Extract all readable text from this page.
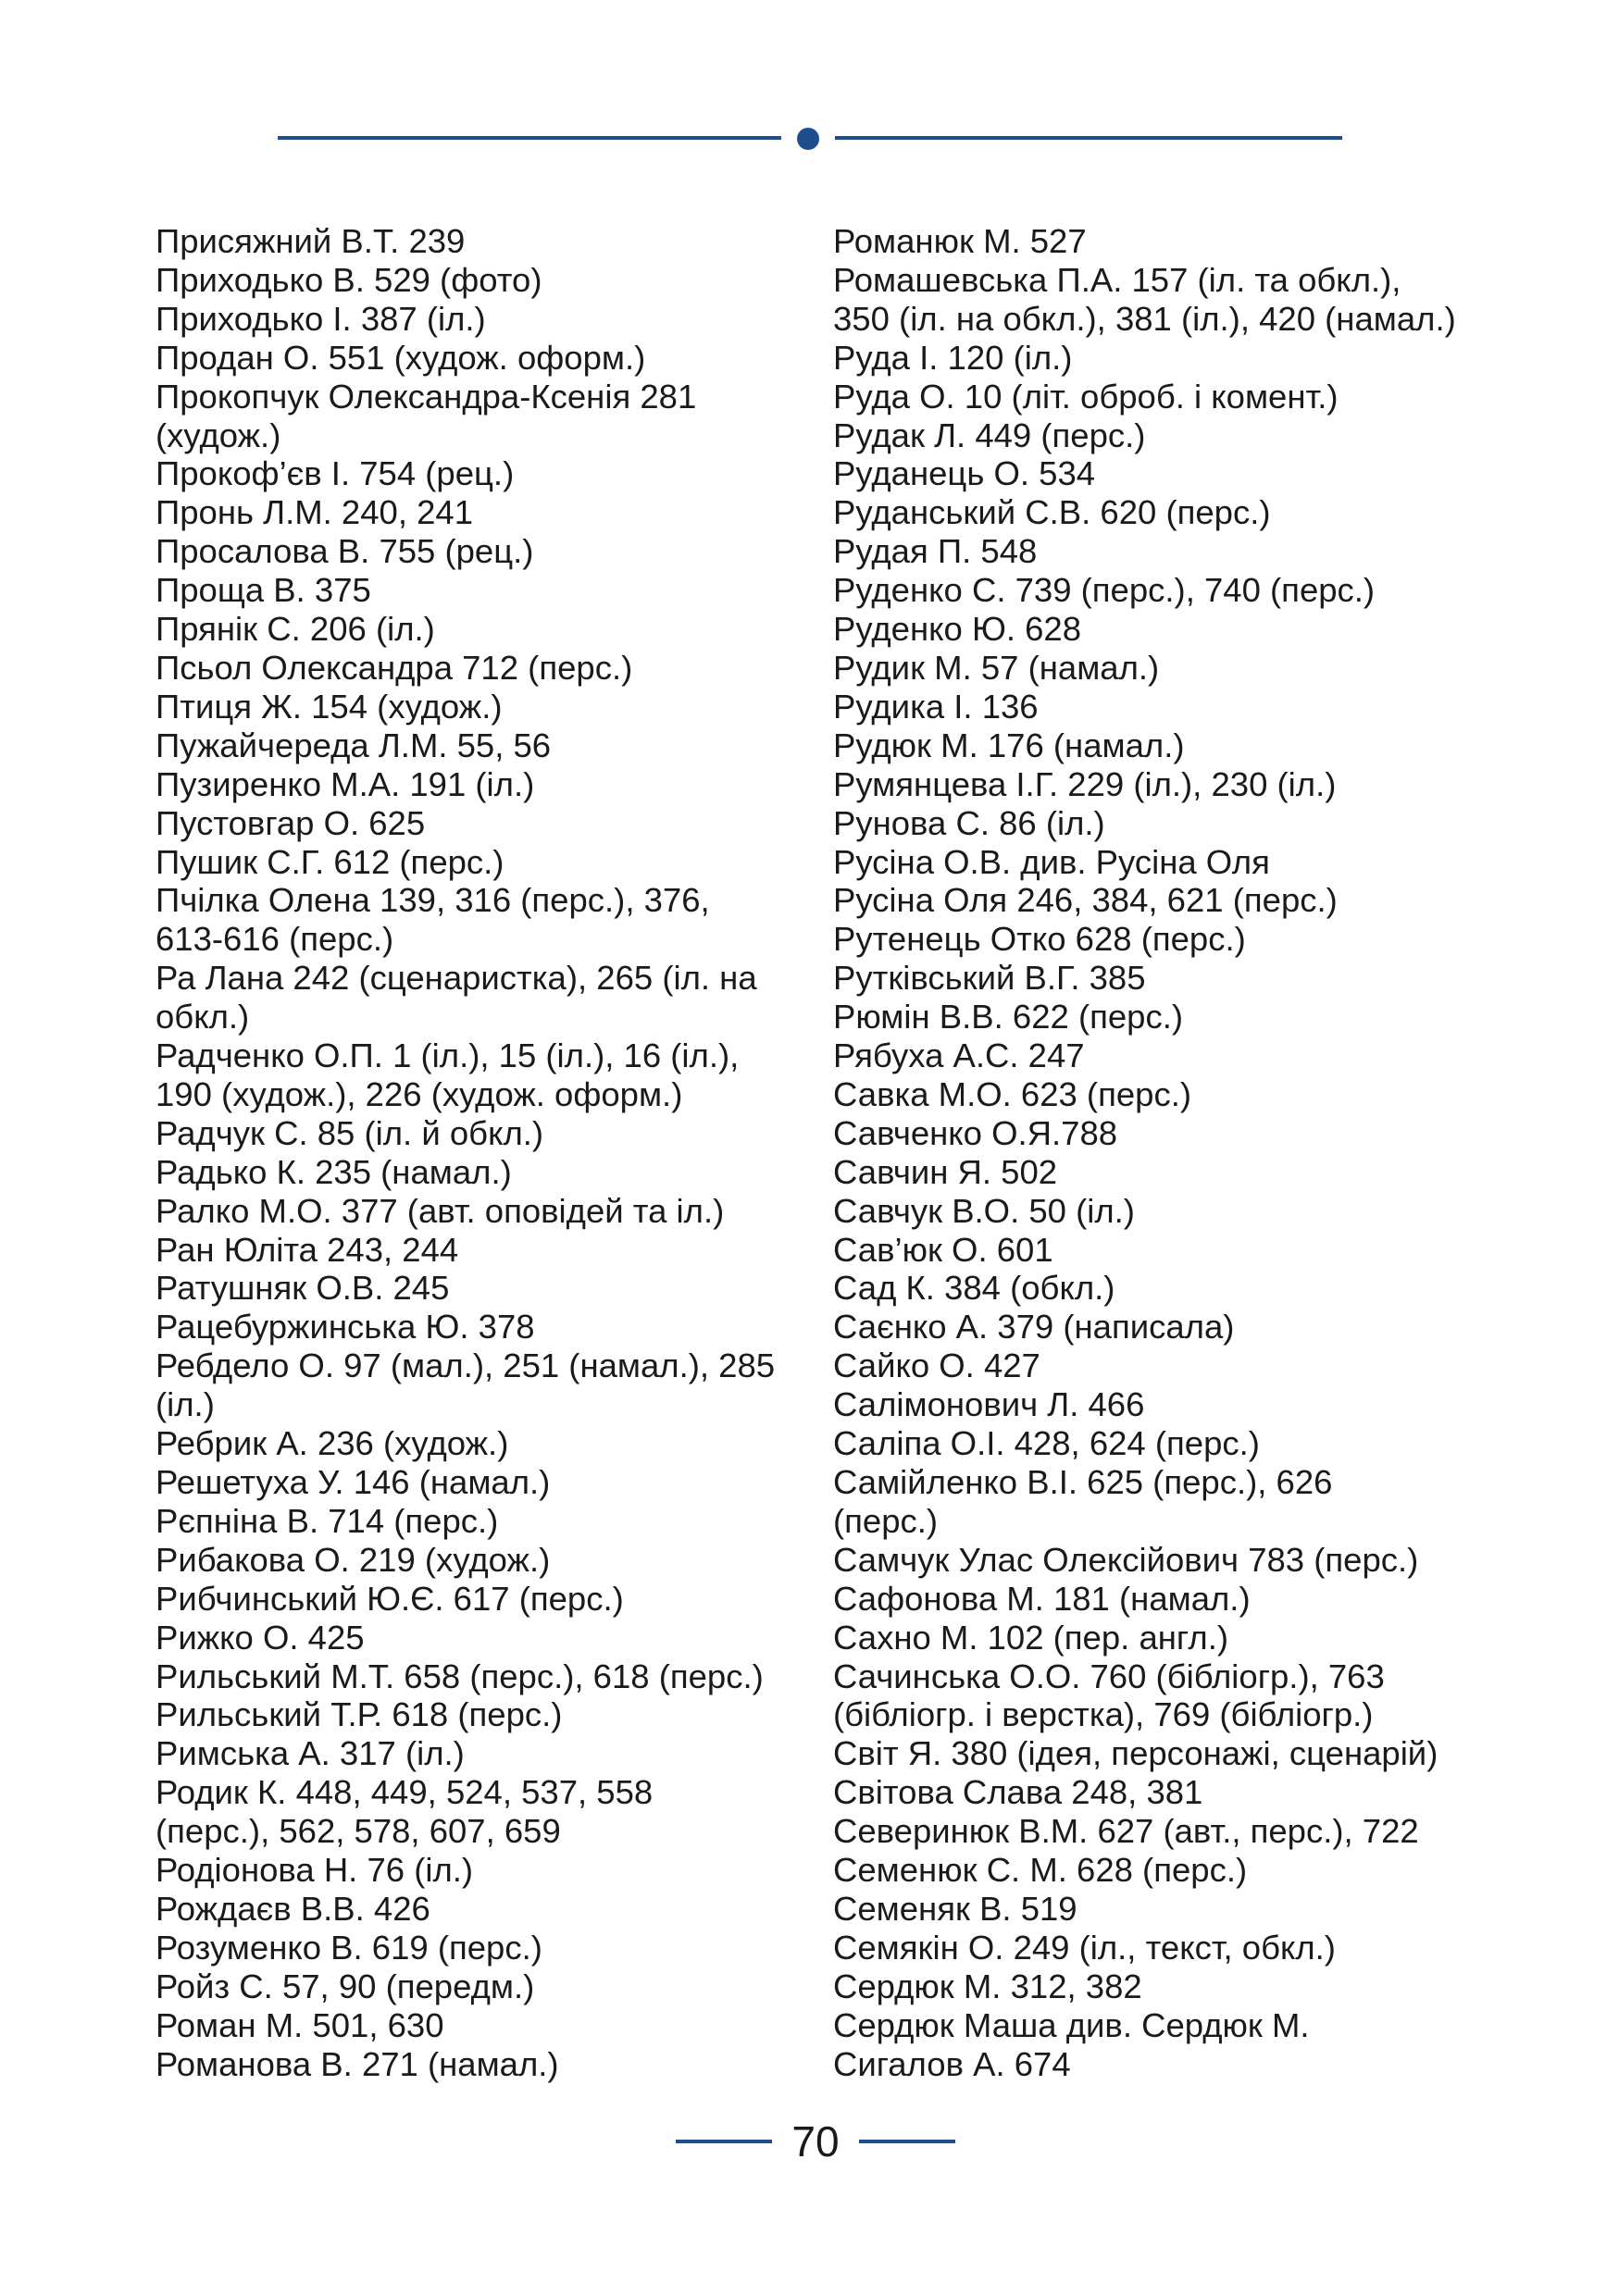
Присяжний В.Т. 239
Приходько В. 529 (фото)
Приходько І. 387 (іл.)
Продан О. 551 (худож. оформ.)
Прокопчук Олександра-Ксенія 281
(худож.)
Прокоф’єв І. 754 (рец.)
Пронь Л.М. 240, 241
Просалова В. 755 (рец.)
Проща В. 375
Прянік С. 206 (іл.)
Псьол Олександра 712 (перс.)
Птиця Ж. 154 (худож.)
Пужайчереда Л.М. 55, 56
Пузиренко М.А. 191 (іл.)
Пустовгар О. 625
Пушик С.Г. 612 (перс.)
Пчілка Олена 139, 316 (перс.), 376,
613-616 (перс.)
Ра Лана 242 (сценаристка), 265 (іл. на
обкл.)
Радченко О.П. 1 (іл.), 15 (іл.), 16 (іл.),
190 (худож.), 226 (худож. оформ.)
Радчук С. 85 (іл. й обкл.)
Радько К. 235 (намал.)
Ралко М.О. 377 (авт. оповідей та іл.)
Ран Юліта 243, 244
Ратушняк О.В. 245
Рацебуржинська Ю. 378
Ребдело О. 97 (мал.), 251 (намал.), 285
(іл.)
Ребрик А. 236 (худож.)
Решетуха У. 146 (намал.)
Рєпніна В. 714 (перс.)
Рибакова О. 219 (худож.)
Рибчинський Ю.Є. 617 (перс.)
Рижко О. 425
Рильський М.Т. 658 (перс.), 618 (перс.)
Рильський Т.Р. 618 (перс.)
Римська А. 317 (іл.)
Родик К. 448, 449, 524, 537, 558
(перс.), 562, 578, 607, 659
Родіонова Н. 76 (іл.)
Рождаєв В.В. 426
Розуменко В. 619 (перс.)
Ройз С. 57, 90 (передм.)
Роман М. 501, 630
Романова В. 271 (намал.)
Романюк М. 527
Ромашевська П.А. 157 (іл. та обкл.),
350 (іл. на обкл.), 381 (іл.), 420 (намал.)
Руда І. 120 (іл.)
Руда О. 10 (літ. оброб. і комент.)
Рудак Л. 449 (перс.)
Руданець О. 534
Руданський С.В. 620 (перс.)
Рудая П. 548
Руденко С. 739 (перс.), 740 (перс.)
Руденко Ю. 628
Рудик М. 57 (намал.)
Рудика І. 136
Рудюк М. 176 (намал.)
Румянцева І.Г. 229 (іл.), 230 (іл.)
Рунова С. 86 (іл.)
Русіна О.В. див. Русіна Оля
Русіна Оля 246, 384, 621 (перс.)
Рутенець Отко 628 (перс.)
Рутківський В.Г. 385
Рюмін В.В. 622 (перс.)
Рябуха А.С. 247
Савка М.О. 623 (перс.)
Савченко О.Я.788
Савчин Я. 502
Савчук В.О. 50 (іл.)
Сав’юк О. 601
Сад К. 384 (обкл.)
Саєнко А. 379 (написала)
Сайко О. 427
Салімонович Л. 466
Саліпа О.І. 428, 624 (перс.)
Самійленко В.І. 625 (перс.), 626
(перс.)
Самчук Улас Олексійович 783 (перс.)
Сафонова М. 181 (намал.)
Сахно М. 102 (пер. англ.)
Сачинська О.О. 760 (бібліогр.), 763
(бібліогр. і верстка), 769 (бібліогр.)
Світ Я. 380 (ідея, персонажі, сценарій)
Світова Слава 248, 381
Северинюк В.М. 627 (авт., перс.), 722
Семенюк С. М. 628 (перс.)
Семеняк В. 519
Семякін О. 249 (іл., текст, обкл.)
Сердюк М. 312, 382
Сердюк Маша див. Сердюк М.
Сигалов А. 674
70
